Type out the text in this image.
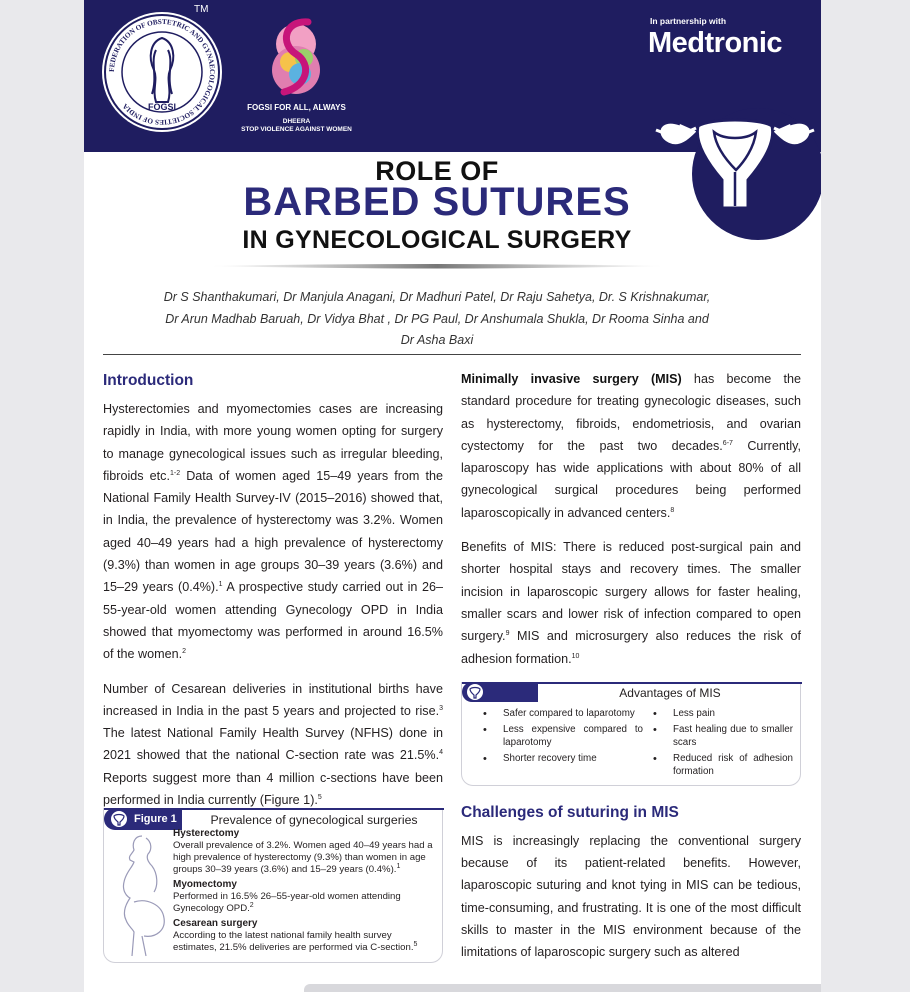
FEDERATION OF OBSTETRIC AND GYNAECOLOGICAL SOCIETIES OF INDIA	FOGSI
TM
FOGSI FOR ALL, ALWAYS
DHEERA
STOP VIOLENCE AGAINST WOMEN
In partnership with
Medtronic
ROLE OF
BARBED SUTURES
IN GYNECOLOGICAL SURGERY
Dr S Shanthakumari, Dr Manjula Anagani, Dr Madhuri Patel, Dr Raju Sahetya, Dr. S Krishnakumar,
Dr Arun Madhab Baruah, Dr Vidya Bhat , Dr PG Paul, Dr Anshumala Shukla, Dr Rooma Sinha and
Dr Asha Baxi
Introduction

Hysterectomies and myomectomies cases are increasing rapidly in India, with more young women opting for surgery to manage gynecological issues such as irregular bleeding, fibroids etc.$^{1-2}$ Data of women aged 15–49 years from the National Family Health Survey-IV (2015–2016) showed that, in India, the prevalence of hysterectomy was 3.2%. Women aged 40–49 years had a high prevalence of hysterectomy (9.3%) than women in age groups 30–39 years (3.6%) and 15–29 years (0.4%).$^1$ A prospective study carried out in 26–55-year-old women attending Gynecology OPD in India showed that myomectomy was performed in around 16.5% of the women.$^2$

Number of Cesarean deliveries in institutional births have increased in India in the past 5 years and projected to rise.$^3$ The latest National Family Health Survey (NFHS) done in 2021 showed that the national C-section rate was 21.5%.$^4$ Reports suggest more than 4 million c-sections have been performed in India currently (Figure 1).$^5$

Figure 1	Prevalence of gynecological surgeries
Hysterectomy
Overall prevalence of 3.2%. Women aged 40–49 years had a high prevalence of hysterectomy (9.3%) than women in age groups 30–39 years (3.6%) and 15–29 years (0.4%).$^1$
Myomectomy
Performed in 16.5% 26–55-year-old women attending Gynecology OPD.$^2$
Cesarean surgery
According to the latest national family health survey estimates, 21.5% deliveries are performed via C-section.$^5$

Minimally invasive surgery (MIS) has become the standard procedure for treating gynecologic diseases, such as hysterectomy, fibroids, endometriosis, and ovarian cystectomy for the past two decades.$^{6-7}$ Currently, laparoscopy has wide applications with about 80% of all gynecological surgical procedures being performed laparoscopically in advanced centers.$^8$

Benefits of MIS: There is reduced post-surgical pain and shorter hospital stays and recovery times. The smaller incision in laparoscopic surgery allows for faster healing, smaller scars and lower risk of infection compared to open surgery.$^9$ MIS and microsurgery also reduces the risk of adhesion formation.$^{10}$

Advantages of MIS
• Safer compared to laparotomy
• Less expensive compared to laparotomy
• Shorter recovery time
• Less pain
• Fast healing due to smaller scars
• Reduced risk of adhesion formation
Challenges of suturing in MIS

MIS is increasingly replacing the conventional surgery because of its patient-related benefits. However, laparoscopic suturing and knot tying in MIS can be tedious, time-consuming, and frustrating. It is one of the most difficult skills to master in the MIS environment because of the limitations of laparoscopic surgery such as altered
